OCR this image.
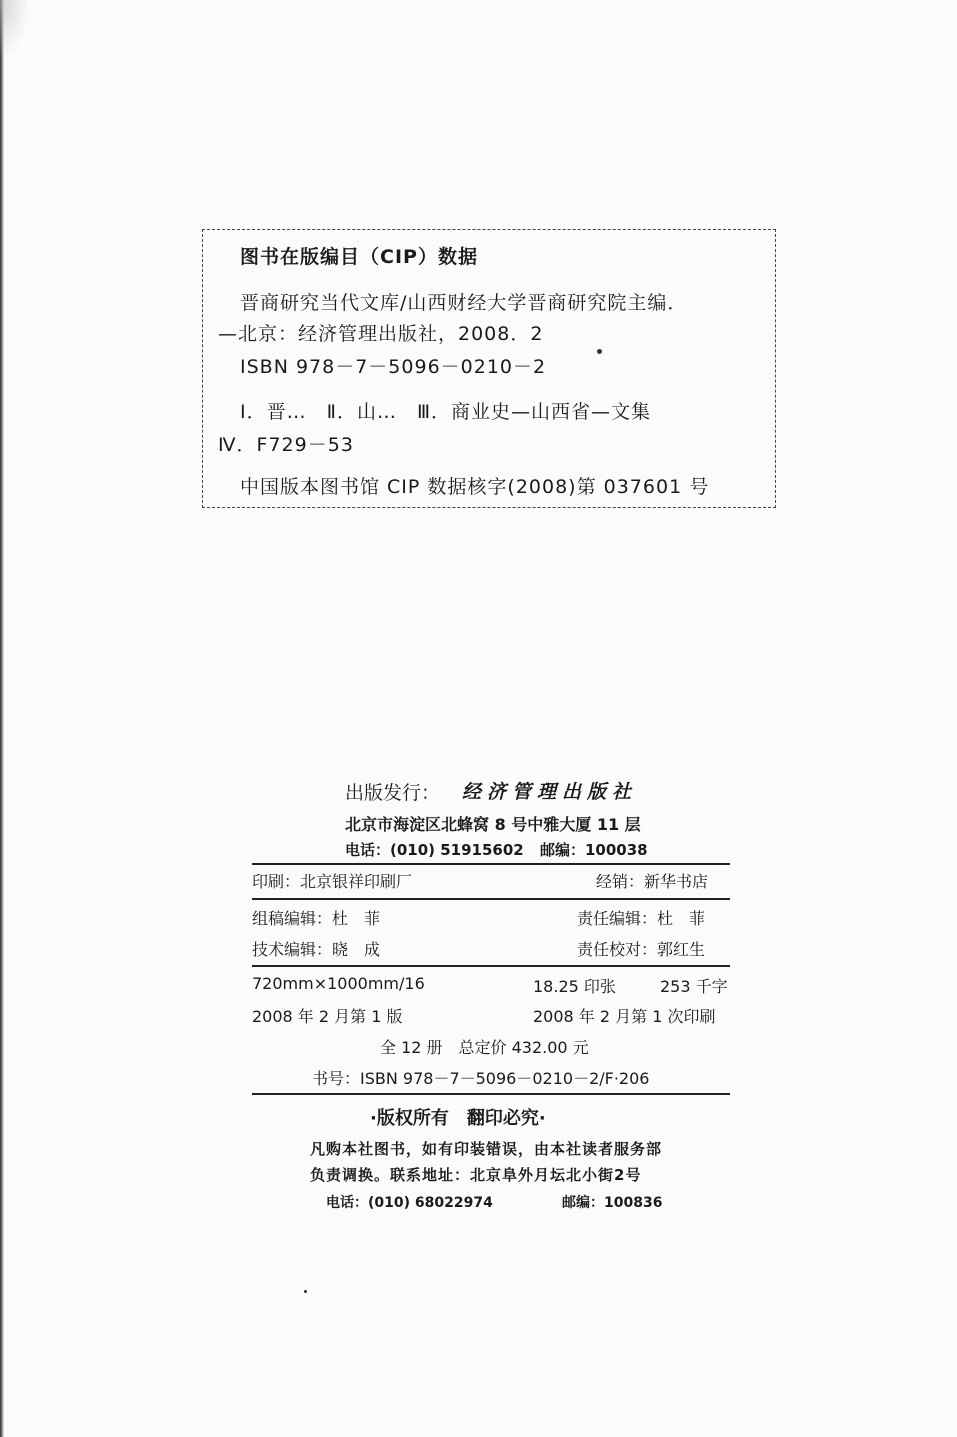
图书在版编目（CIP）数据
晋商研究当代文库/山西财经大学晋商研究院主编．
—北京：经济管理出版社，2008．2
ISBN 978－7－5096－0210－2
Ⅰ．晋…　Ⅱ．山…　Ⅲ．商业史—山西省—文集
Ⅳ．F729－53
中国版本图书馆 CIP 数据核字(2008)第 037601 号
出版发行： 经济管理出版社
北京市海淀区北蜂窝 8 号中雅大厦 11 层
电话：(010) 51915602 邮编：100038
印刷：北京银祥印刷厂	经销：新华书店
组稿编辑：杜　菲	责任编辑：杜　菲
技术编辑：晓　成	责任校对：郭红生
720mm×1000mm/16	18.25 印张	253 千字
2008 年 2 月第 1 版	2008 年 2 月第 1 次印刷
全 12 册　总定价 432.00 元
书号：ISBN 978－7－5096－0210－2/F·206
·版权所有　翻印必究·
凡购本社图书，如有印装错误，由本社读者服务部
负责调换。联系地址：北京阜外月坛北小街2号
电话：(010) 68022974	邮编：100836
